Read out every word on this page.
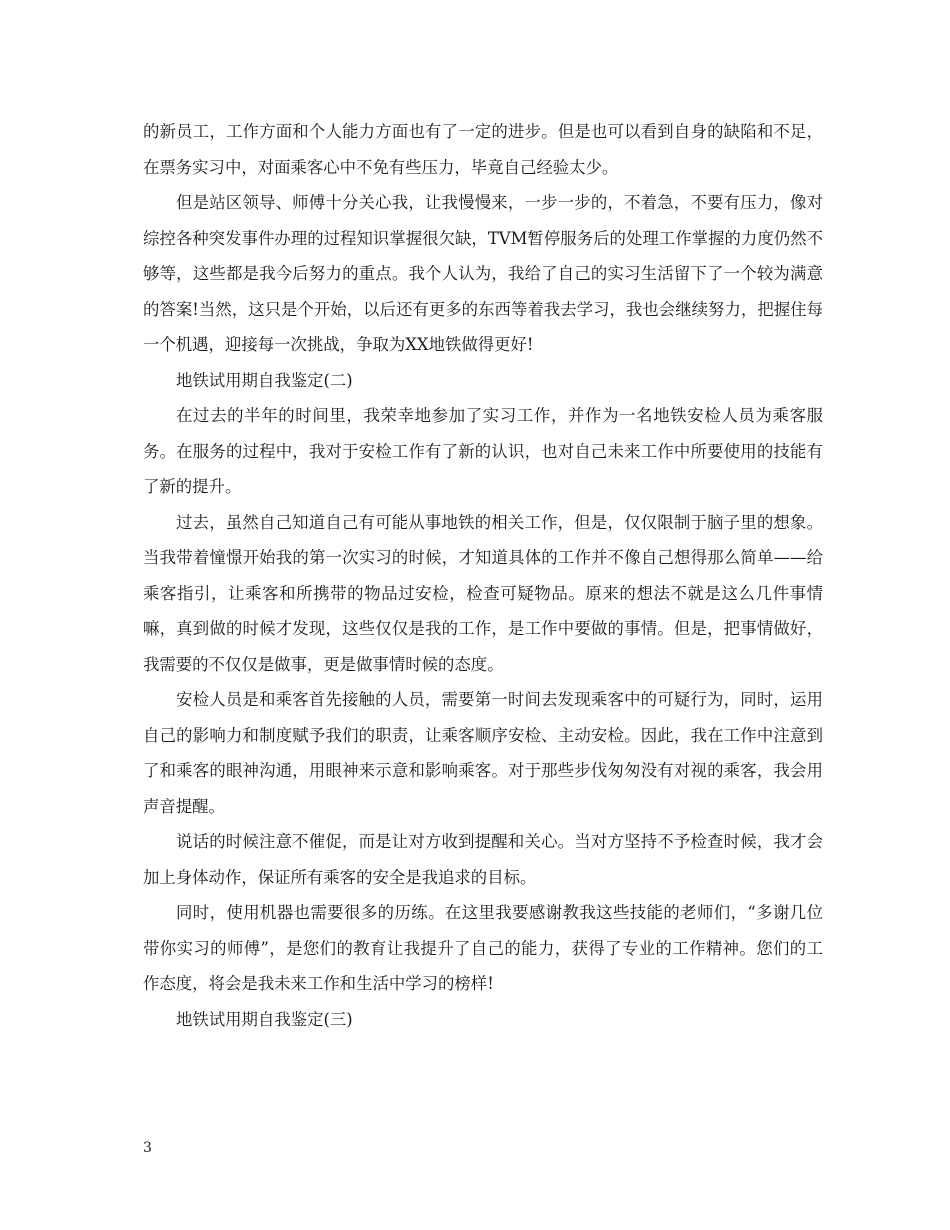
的新员工，工作方面和个人能力方面也有了一定的进步。但是也可以看到自身的缺陷和不足，在票务实习中，对面乘客心中不免有些压力，毕竟自己经验太少。

但是站区领导、师傅十分关心我，让我慢慢来，一步一步的，不着急，不要有压力，像对综控各种突发事件办理的过程知识掌握很欠缺，TVM暂停服务后的处理工作掌握的力度仍然不够等，这些都是我今后努力的重点。我个人认为，我给了自己的实习生活留下了一个较为满意的答案!当然，这只是个开始，以后还有更多的东西等着我去学习，我也会继续努力，把握住每一个机遇，迎接每一次挑战，争取为XX地铁做得更好!

地铁试用期自我鉴定(二)

在过去的半年的时间里，我荣幸地参加了实习工作，并作为一名地铁安检人员为乘客服务。在服务的过程中，我对于安检工作有了新的认识，也对自己未来工作中所要使用的技能有了新的提升。

过去，虽然自己知道自己有可能从事地铁的相关工作，但是，仅仅限制于脑子里的想象。当我带着憧憬开始我的第一次实习的时候，才知道具体的工作并不像自己想得那么简单——给乘客指引，让乘客和所携带的物品过安检，检查可疑物品。原来的想法不就是这么几件事情嘛，真到做的时候才发现，这些仅仅是我的工作，是工作中要做的事情。但是，把事情做好，我需要的不仅仅是做事，更是做事情时候的态度。

安检人员是和乘客首先接触的人员，需要第一时间去发现乘客中的可疑行为，同时，运用自己的影响力和制度赋予我们的职责，让乘客顺序安检、主动安检。因此，我在工作中注意到了和乘客的眼神沟通，用眼神来示意和影响乘客。对于那些步伐匆匆没有对视的乘客，我会用声音提醒。

说话的时候注意不催促，而是让对方收到提醒和关心。当对方坚持不予检查时候，我才会加上身体动作，保证所有乘客的安全是我追求的目标。

同时，使用机器也需要很多的历练。在这里我要感谢教我这些技能的老师们，“多谢几位带你实习的师傅”，是您们的教育让我提升了自己的能力，获得了专业的工作精神。您们的工作态度，将会是我未来工作和生活中学习的榜样!

地铁试用期自我鉴定(三)

3
